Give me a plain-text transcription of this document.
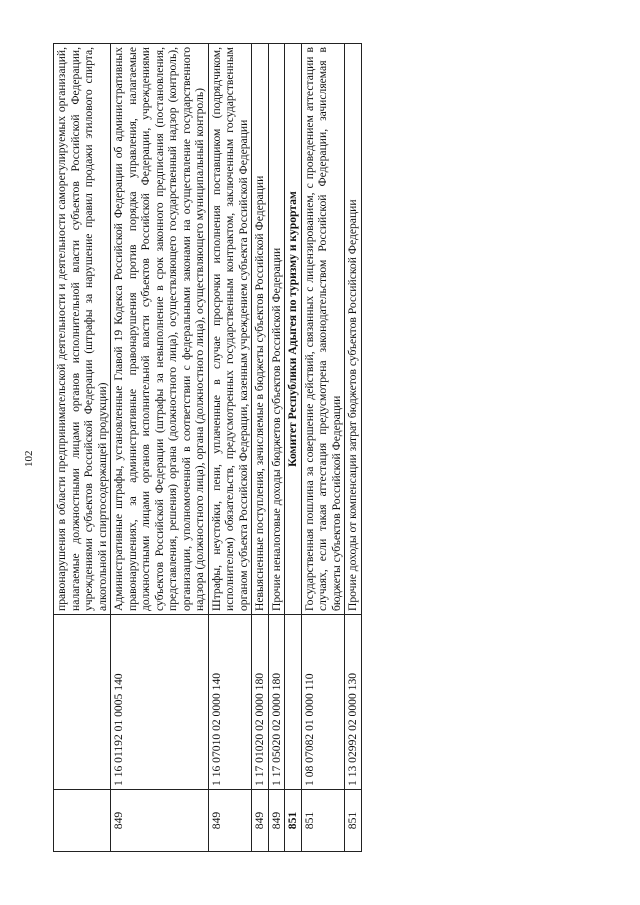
102
		правонарушения в области предпринимательской деятельности и деятельности саморегулируемых организаций, налагаемые должностными лицами органов исполнительной власти субъектов Российской Федерации, учреждениями субъектов Российской Федерации (штрафы за нарушение правил продажи этилового спирта, алкогольной и спиртосодержащей продукции)
849	1 16 01192 01 0005 140	Административные штрафы, установленные Главой 19 Кодекса Российской Федерации об административных правонарушениях, за административные правонарушения против порядка управления, налагаемые должностными лицами органов исполнительной власти субъектов Российской Федерации, учреждениями субъектов Российской Федерации (штрафы за невыполнение в срок законного предписания (постановления, представления, решения) органа (должностного лица), осуществляющего государственный надзор (контроль), организации, уполномоченной в соответствии с федеральными законами на осуществление государственного надзора (должностного лица), органа (должностного лица), осуществляющего муниципальный контроль)
849	1 16 07010 02 0000 140	Штрафы, неустойки, пени, уплаченные в случае просрочки исполнения поставщиком (подрядчиком, исполнителем) обязательств, предусмотренных государственным контрактом, заключенным государственным органом субъекта Российской Федерации, казенным учреждением субъекта Российской Федерации
849	1 17 01020 02 0000 180	Невыясненные поступления, зачисляемые в бюджеты субъектов Российской Федерации
849	1 17 05020 02 0000 180	Прочие неналоговые доходы бюджетов субъектов Российской Федерации
851		Комитет Республики Адыгея по туризму и курортам
851	1 08 07082 01 0000 110	Государственная пошлина за совершение действий, связанных с лицензированием, с проведением аттестации в случаях, если такая аттестация предусмотрена законодательством Российской Федерации, зачисляемая в бюджеты субъектов Российской Федерации
851	1 13 02992 02 0000 130	Прочие доходы от компенсации затрат бюджетов субъектов Российской Федерации
